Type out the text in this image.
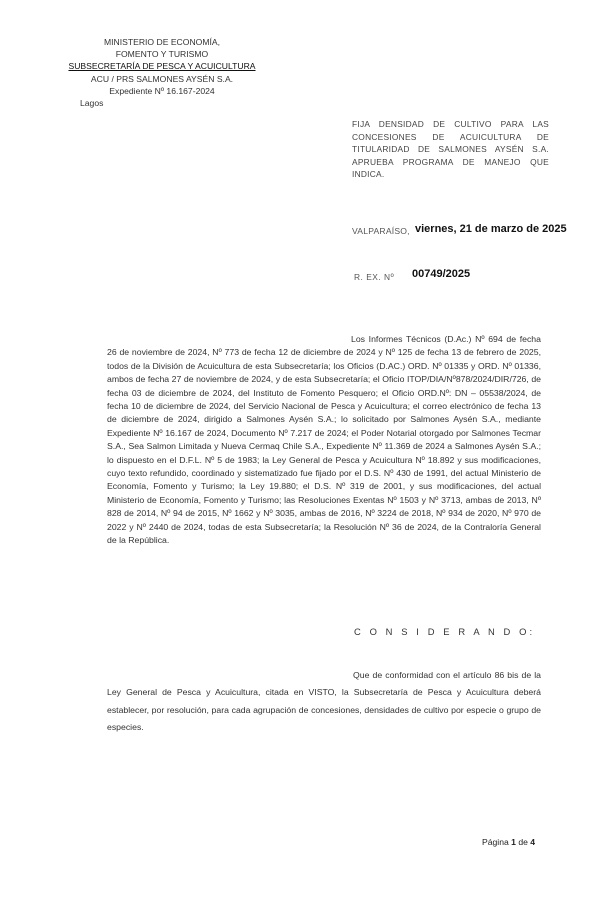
MINISTERIO DE ECONOMÍA,
FOMENTO Y TURISMO
SUBSECRETARÍA DE PESCA Y ACUICULTURA
ACU / PRS SALMONES AYSÉN S.A.
Expediente Nº 16.167-2024
Lagos
FIJA DENSIDAD DE CULTIVO PARA LAS CONCESIONES DE ACUICULTURA DE TITULARIDAD DE SALMONES AYSÉN S.A. APRUEBA PROGRAMA DE MANEJO QUE INDICA.
VALPARAÍSO, viernes, 21 de marzo de 2025
R. EX. Nº 00749/2025
Los Informes Técnicos (D.Ac.) Nº 694 de fecha 26 de noviembre de 2024, Nº 773 de fecha 12 de diciembre de 2024 y Nº 125 de fecha 13 de febrero de 2025, todos de la División de Acuicultura de esta Subsecretaría; los Oficios (D.AC.) ORD. Nº 01335 y ORD. Nº 01336, ambos de fecha 27 de noviembre de 2024, y de esta Subsecretaría; el Oficio ITOP/DIA/Nº878/2024/DIR/726, de fecha 03 de diciembre de 2024, del Instituto de Fomento Pesquero; el Oficio ORD.Nº: DN – 05538/2024, de fecha 10 de diciembre de 2024, del Servicio Nacional de Pesca y Acuicultura; el correo electrónico de fecha 13 de diciembre de 2024, dirigido a Salmones Aysén S.A.; lo solicitado por Salmones Aysén S.A., mediante Expediente Nº 16.167 de 2024, Documento Nº 7.217 de 2024; el Poder Notarial otorgado por Salmones Tecmar S.A., Sea Salmon Limitada y Nueva Cermaq Chile S.A., Expediente Nº 11.369 de 2024 a Salmones Aysén S.A.; lo dispuesto en el D.F.L. Nº 5 de 1983; la Ley General de Pesca y Acuicultura Nº 18.892 y sus modificaciones, cuyo texto refundido, coordinado y sistematizado fue fijado por el D.S. Nº 430 de 1991, del actual Ministerio de Economía, Fomento y Turismo; la Ley 19.880; el D.S. Nº 319 de 2001, y sus modificaciones, del actual Ministerio de Economía, Fomento y Turismo; las Resoluciones Exentas Nº 1503 y Nº 3713, ambas de 2013, Nº 828 de 2014, Nº 94 de 2015, Nº 1662 y Nº 3035, ambas de 2016, Nº 3224 de 2018, Nº 934 de 2020, Nº 970 de 2022 y Nº 2440 de 2024, todas de esta Subsecretaría; la Resolución Nº 36 de 2024, de la Contraloría General de la República.
C O N S I D E R A N D O:
Que de conformidad con el artículo 86 bis de la Ley General de Pesca y Acuicultura, citada en VISTO, la Subsecretaría de Pesca y Acuicultura deberá establecer, por resolución, para cada agrupación de concesiones, densidades de cultivo por especie o grupo de especies.
Página 1 de 4
